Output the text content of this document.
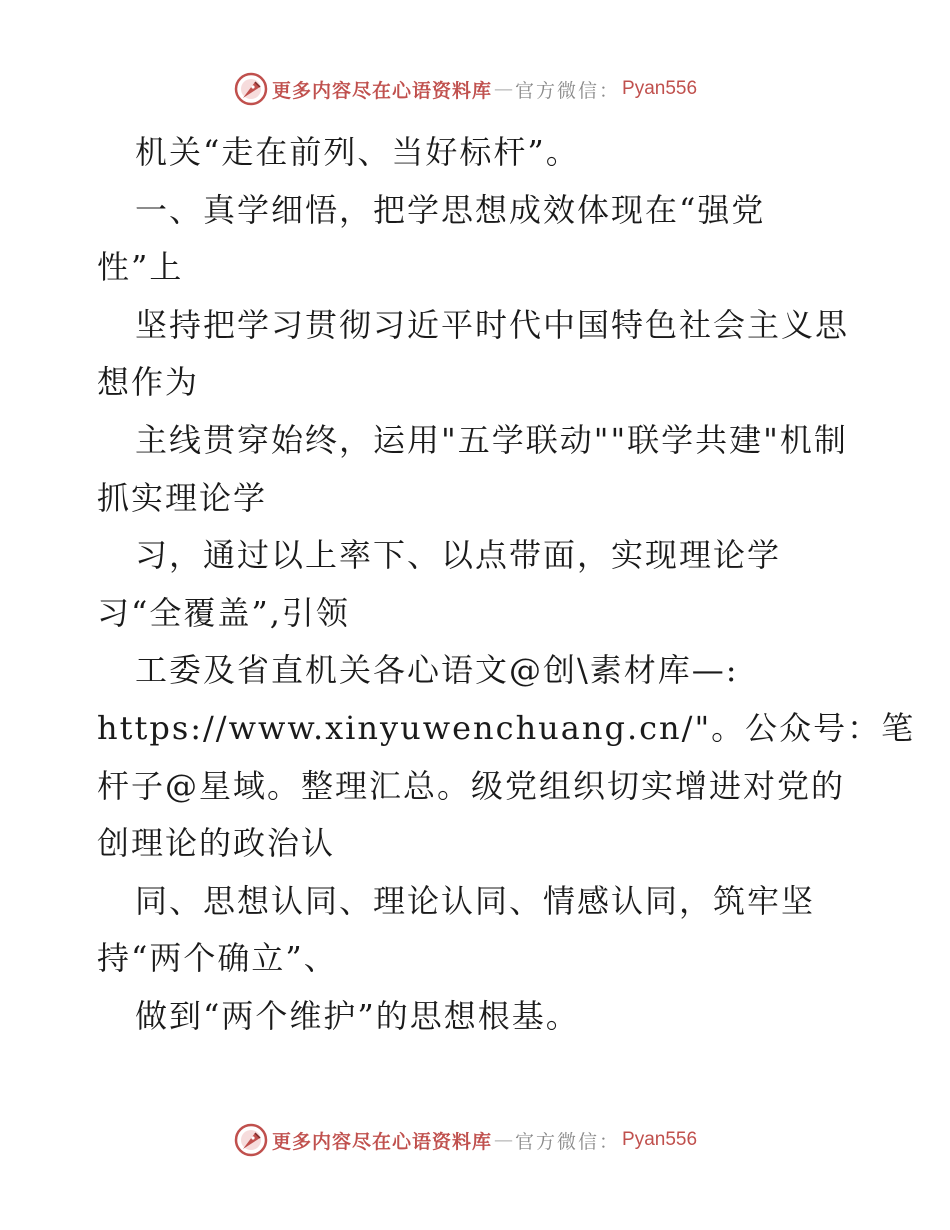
更多内容尽在心语资料库 — 官方微信： Pyan556
机关“走在前列、当好标杆”。
一、真学细悟，把学思想成效体现在“强党
性”上
坚持把学习贯彻习近平时代中国特色社会主义思
想作为
主线贯穿始终，运用"五学联动""联学共建"机制
抓实理论学
习，通过以上率下、以点带面，实现理论学
习“全覆盖”,引领
工委及省直机关各心语文@创\素材库—:
https://www.xinyuwenchuang.cn/"。公众号：笔
杆子@星域。整理汇总。级党组织切实增进对党的
创理论的政治认
同、思想认同、理论认同、情感认同，筑牢坚
持“两个确立”、
做到“两个维护”的思想根基。
更多内容尽在心语资料库 — 官方微信： Pyan556
